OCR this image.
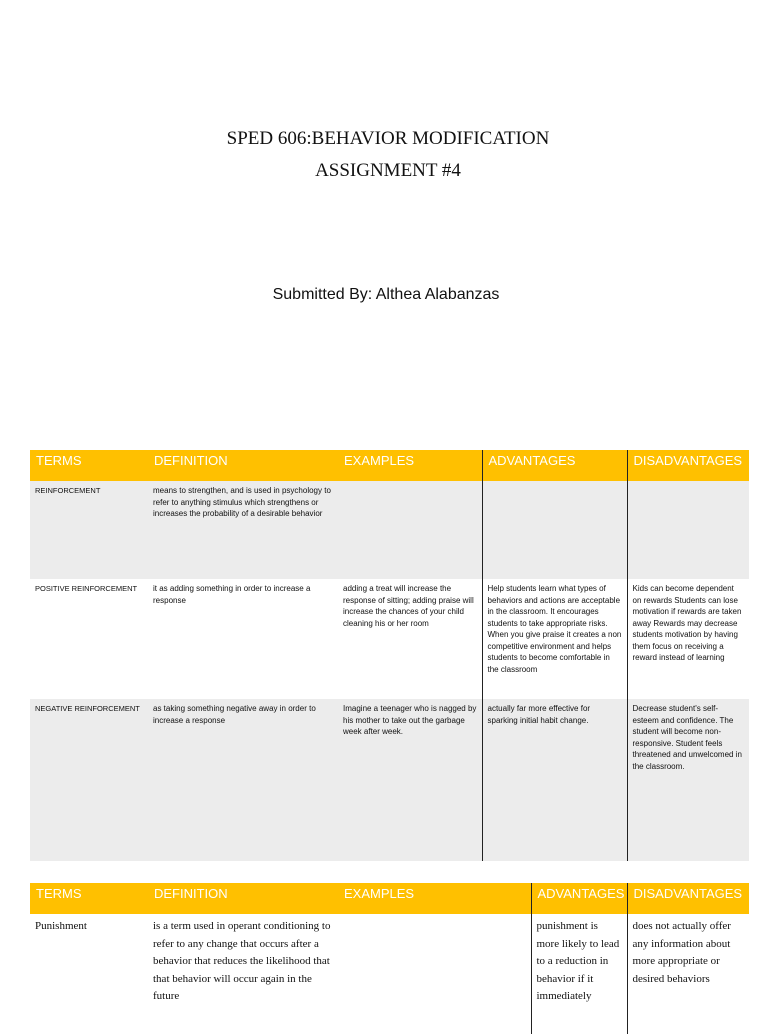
SPED 606:BEHAVIOR MODIFICATION
ASSIGNMENT #4
Submitted By: Althea Alabanzas
TERMS	DEFINITION	EXAMPLES	ADVANTAGES	DISADVANTAGES
REINFORCEMENT	means to strengthen, and is used in psychology to refer to anything stimulus which strengthens or increases the probability of a desirable behavior			
POSITIVE REINFORCEMENT	it as adding something in order to increase a response	adding a treat will increase the response of sitting; adding praise will increase the chances of your child cleaning his or her room	Help students learn what types of behaviors and actions are acceptable in the classroom. It encourages students to take appropriate risks. When you give praise it creates a non competitive environment and helps students to become comfortable in the classroom	Kids can become dependent on rewards Students can lose motivation if rewards are taken away Rewards may decrease students motivation by having them focus on receiving a reward instead of learning
NEGATIVE REINFORCEMENT	as taking something negative away in order to increase a response	Imagine a teenager who is nagged by his mother to take out the garbage week after week.	actually far more effective for sparking initial habit change.	Decrease student's self-esteem and confidence. The student will become non-responsive. Student feels threatened and unwelcomed in the classroom.

TERMS	DEFINITION	EXAMPLES	ADVANTAGES	DISADVANTAGES
Punishment	is a term used in operant conditioning to refer to any change that occurs after a behavior that reduces the likelihood that that behavior will occur again in the future		punishment is more likely to lead to a reduction in behavior if it immediately	does not actually offer any information about more appropriate or desired behaviors
